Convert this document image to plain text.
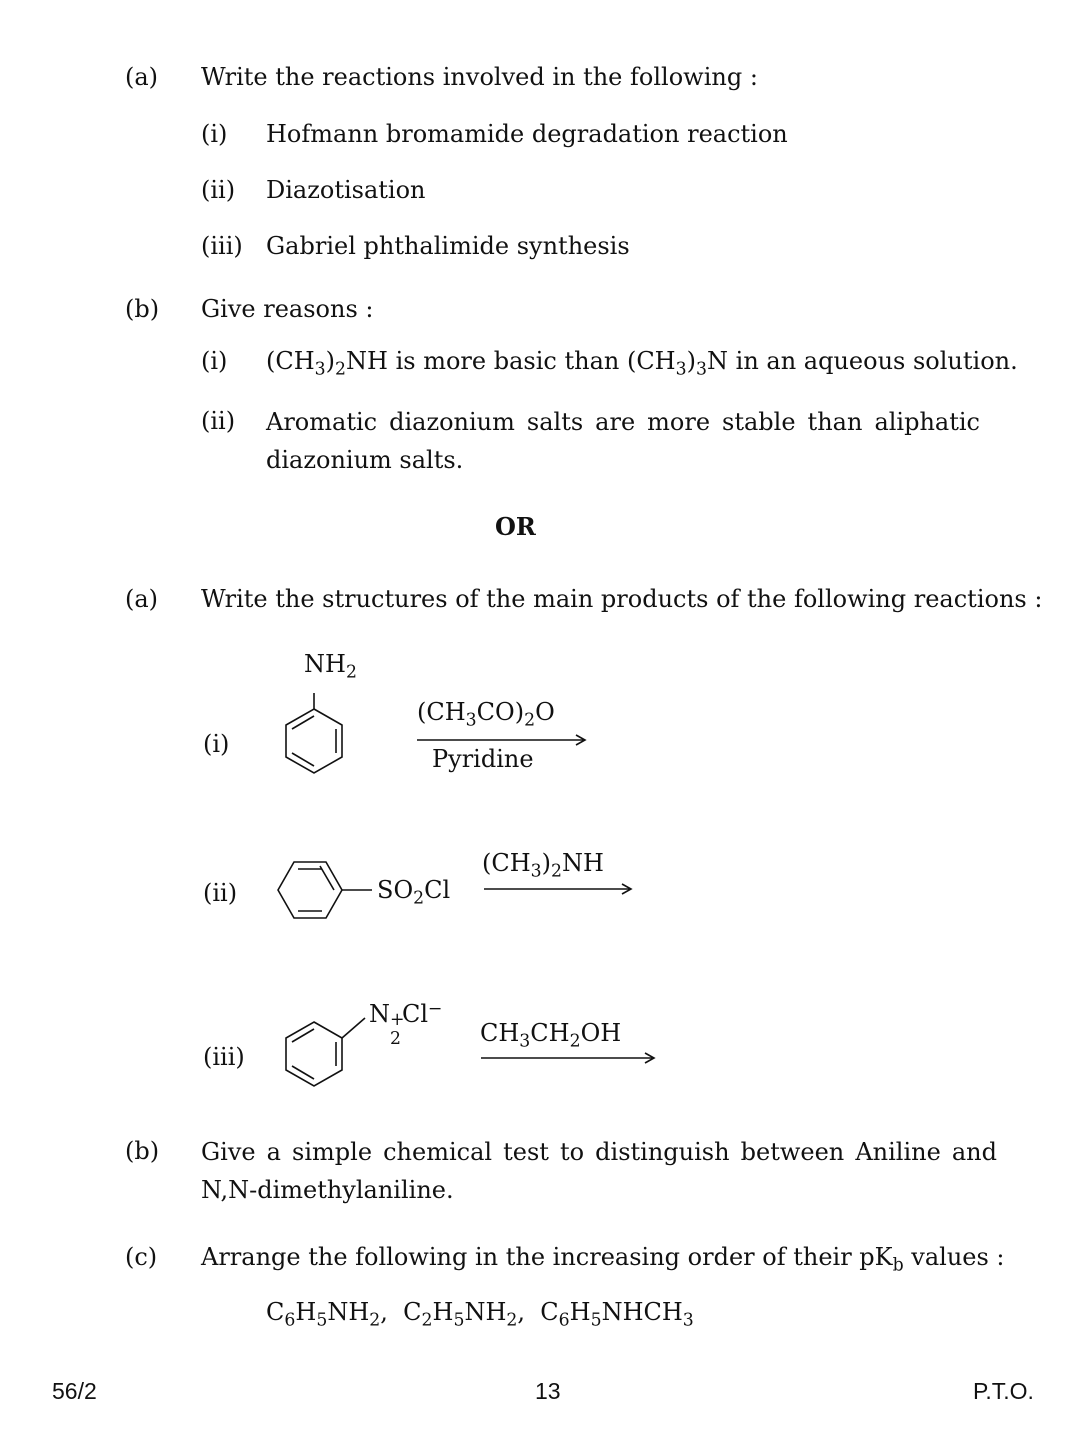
(a) Write the reactions involved in the following :
(i) Hofmann bromamide degradation reaction
(ii) Diazotisation
(iii) Gabriel phthalimide synthesis
(b) Give reasons :
(i) $(CH_3)_2NH$ is more basic than $(CH_3)_3N$ in an aqueous solution.
(ii) Aromatic diazonium salts are more stable than aliphatic diazonium salts.
OR
(a) Write the structures of the main products of the following reactions :
(i)
$NH_2$
$(CH_3CO)_2O$
Pyridine
(ii)	$SO_2Cl$
$(CH_3)_2NH$
(iii)
N +
2
Cl−
$CH_3CH_2OH$
(b) Give a simple chemical test to distinguish between Aniline and N,N-dimethylaniline.
(c) Arrange the following in the increasing order of their $pK_b$ values :
$C_6H_5NH_2$,  $C_2H_5NH_2$,  $C_6H_5NHCH_3$
56/2	13	P.T.O.
